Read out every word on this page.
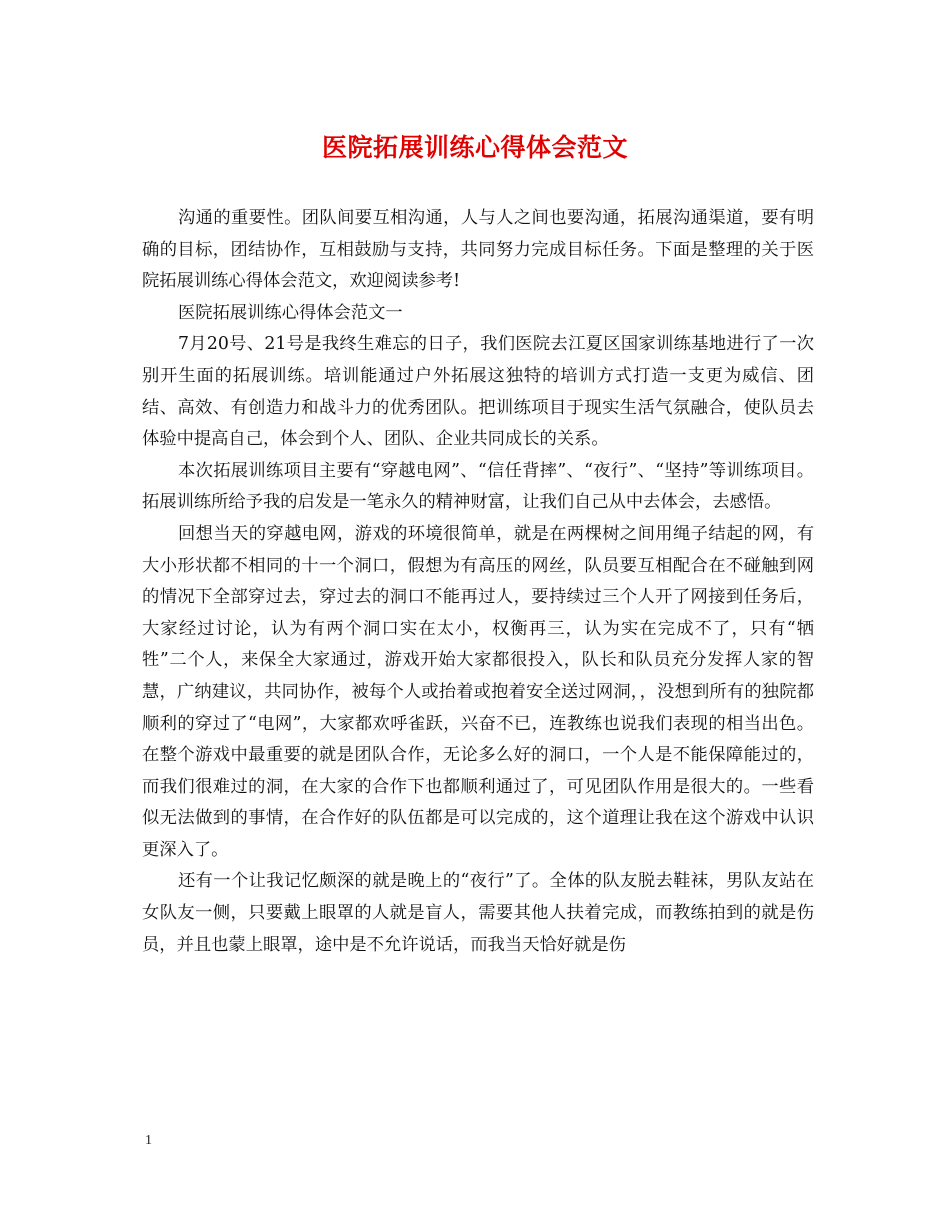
医院拓展训练心得体会范文

沟通的重要性。团队间要互相沟通，人与人之间也要沟通，拓展沟通渠道，要有明确的目标，团结协作，互相鼓励与支持，共同努力完成目标任务。下面是整理的关于医院拓展训练心得体会范文，欢迎阅读参考!

医院拓展训练心得体会范文一

7月20号、21号是我终生难忘的日子，我们医院去江夏区国家训练基地进行了一次别开生面的拓展训练。培训能通过户外拓展这独特的培训方式打造一支更为威信、团结、高效、有创造力和战斗力的优秀团队。把训练项目于现实生活气氛融合，使队员去体验中提高自己，体会到个人、团队、企业共同成长的关系。

本次拓展训练项目主要有“穿越电网”、“信任背摔”、“夜行”、“坚持”等训练项目。拓展训练所给予我的启发是一笔永久的精神财富，让我们自己从中去体会，去感悟。

回想当天的穿越电网，游戏的环境很简单，就是在两棵树之间用绳子结起的网，有大小形状都不相同的十一个洞口，假想为有高压的网丝，队员要互相配合在不碰触到网的情况下全部穿过去，穿过去的洞口不能再过人，要持续过三个人开了网接到任务后，大家经过讨论，认为有两个洞口实在太小，权衡再三，认为实在完成不了，只有“牺牲”二个人，来保全大家通过，游戏开始大家都很投入，队长和队员充分发挥人家的智慧，广纳建议，共同协作，被每个人或抬着或抱着安全送过网洞，，没想到所有的独院都顺利的穿过了“电网”，大家都欢呼雀跃，兴奋不已，连教练也说我们表现的相当出色。在整个游戏中最重要的就是团队合作，无论多么好的洞口，一个人是不能保障能过的，而我们很难过的洞，在大家的合作下也都顺利通过了，可见团队作用是很大的。一些看似无法做到的事情，在合作好的队伍都是可以完成的，这个道理让我在这个游戏中认识更深入了。

还有一个让我记忆颇深的就是晚上的“夜行”了。全体的队友脱去鞋袜，男队友站在女队友一侧，只要戴上眼罩的人就是盲人，需要其他人扶着完成，而教练拍到的就是伤员，并且也蒙上眼罩，途中是不允许说话，而我当天恰好就是伤

1
